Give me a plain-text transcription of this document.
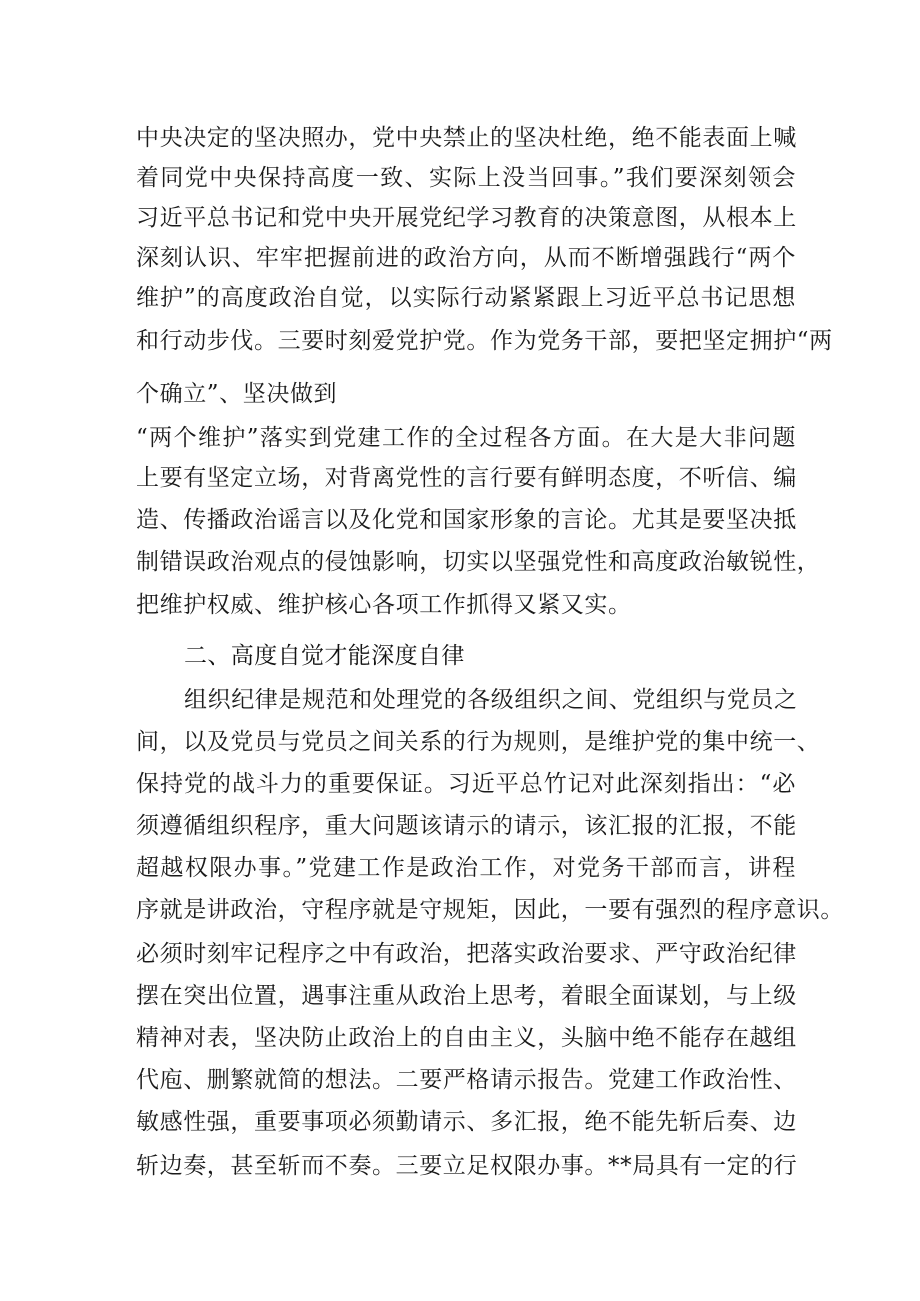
中央决定的坚决照办，党中央禁止的坚决杜绝，绝不能表面上喊
着同党中央保持高度一致、实际上没当回事。”我们要深刻领会
习近平总书记和党中央开展党纪学习教育的决策意图，从根本上
深刻认识、牢牢把握前进的政治方向，从而不断增强践行“两个
维护”的高度政治自觉，以实际行动紧紧跟上习近平总书记思想
和行动步伐。三要时刻爱党护党。作为党务干部，要把坚定拥护“两
个确立”、坚决做到
“两个维护”落实到党建工作的全过程各方面。在大是大非问题
上要有坚定立场，对背离党性的言行要有鲜明态度，不听信、编
造、传播政治谣言以及化党和国家形象的言论。尤其是要坚决抵
制错误政治观点的侵蚀影响，切实以坚强党性和高度政治敏锐性，
把维护权威、维护核心各项工作抓得又紧又实。
二、高度自觉才能深度自律
组织纪律是规范和处理党的各级组织之间、党组织与党员之
间，以及党员与党员之间关系的行为规则，是维护党的集中统一、
保持党的战斗力的重要保证。习近平总竹记对此深刻指出：“必
须遵循组织程序，重大问题该请示的请示，该汇报的汇报，不能
超越权限办事。”党建工作是政治工作，对党务干部而言，讲程
序就是讲政治，守程序就是守规矩，因此，一要有强烈的程序意识。
必须时刻牢记程序之中有政治，把落实政治要求、严守政治纪律
摆在突出位置，遇事注重从政治上思考，着眼全面谋划，与上级
精神对表，坚决防止政治上的自由主义，头脑中绝不能存在越组
代庖、删繁就简的想法。二要严格请示报告。党建工作政治性、
敏感性强，重要事项必须勤请示、多汇报，绝不能先斩后奏、边
斩边奏，甚至斩而不奏。三要立足权限办事。**局具有一定的行
